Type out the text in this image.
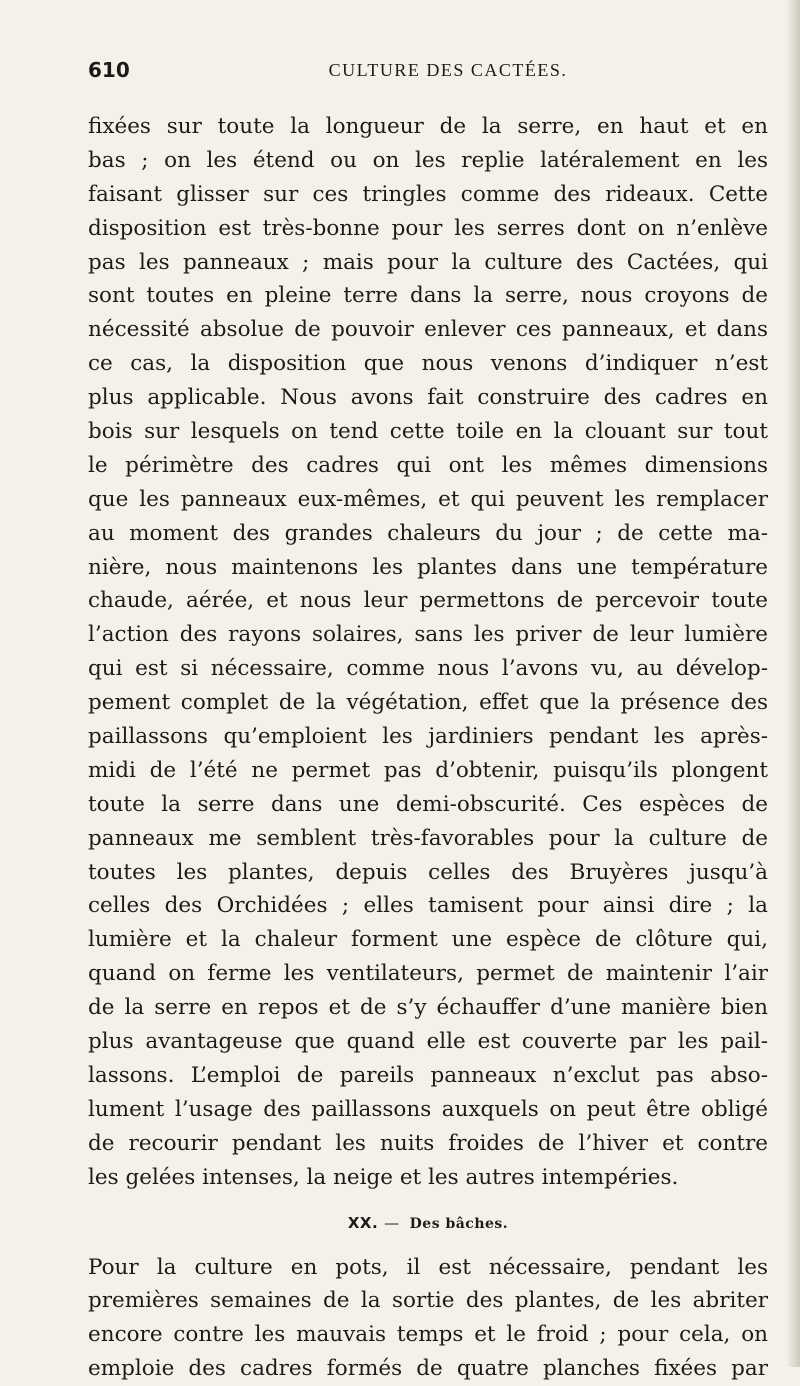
610	CULTURE DES CACTÉES.
fixées sur toute la longueur de la serre, en haut et en
bas ; on les étend ou on les replie latéralement en les
faisant glisser sur ces tringles comme des rideaux. Cette
disposition est très-bonne pour les serres dont on n’enlève
pas les panneaux ; mais pour la culture des Cactées, qui
sont toutes en pleine terre dans la serre, nous croyons de
nécessité absolue de pouvoir enlever ces panneaux, et dans
ce cas, la disposition que nous venons d’indiquer n’est
plus applicable. Nous avons fait construire des cadres en
bois sur lesquels on tend cette toile en la clouant sur tout
le périmètre des cadres qui ont les mêmes dimensions
que les panneaux eux-mêmes, et qui peuvent les remplacer
au moment des grandes chaleurs du jour ; de cette ma-
nière, nous maintenons les plantes dans une température
chaude, aérée, et nous leur permettons de percevoir toute
l’action des rayons solaires, sans les priver de leur lumière
qui est si nécessaire, comme nous l’avons vu, au dévelop-
pement complet de la végétation, effet que la présence des
paillassons qu’emploient les jardiniers pendant les après-
midi de l’été ne permet pas d’obtenir, puisqu’ils plongent
toute la serre dans une demi-obscurité. Ces espèces de
panneaux me semblent très-favorables pour la culture de
toutes les plantes, depuis celles des Bruyères jusqu’à
celles des Orchidées ; elles tamisent pour ainsi dire ; la
lumière et la chaleur forment une espèce de clôture qui,
quand on ferme les ventilateurs, permet de maintenir l’air
de la serre en repos et de s’y échauffer d’une manière bien
plus avantageuse que quand elle est couverte par les pail-
lassons. L’emploi de pareils panneaux n’exclut pas abso-
lument l’usage des paillassons auxquels on peut être obligé
de recourir pendant les nuits froides de l’hiver et contre
les gelées intenses, la neige et les autres intempéries.
XX. — Des bâches.
Pour la culture en pots, il est nécessaire, pendant les
premières semaines de la sortie des plantes, de les abriter
encore contre les mauvais temps et le froid ; pour cela, on
emploie des cadres formés de quatre planches fixées par
